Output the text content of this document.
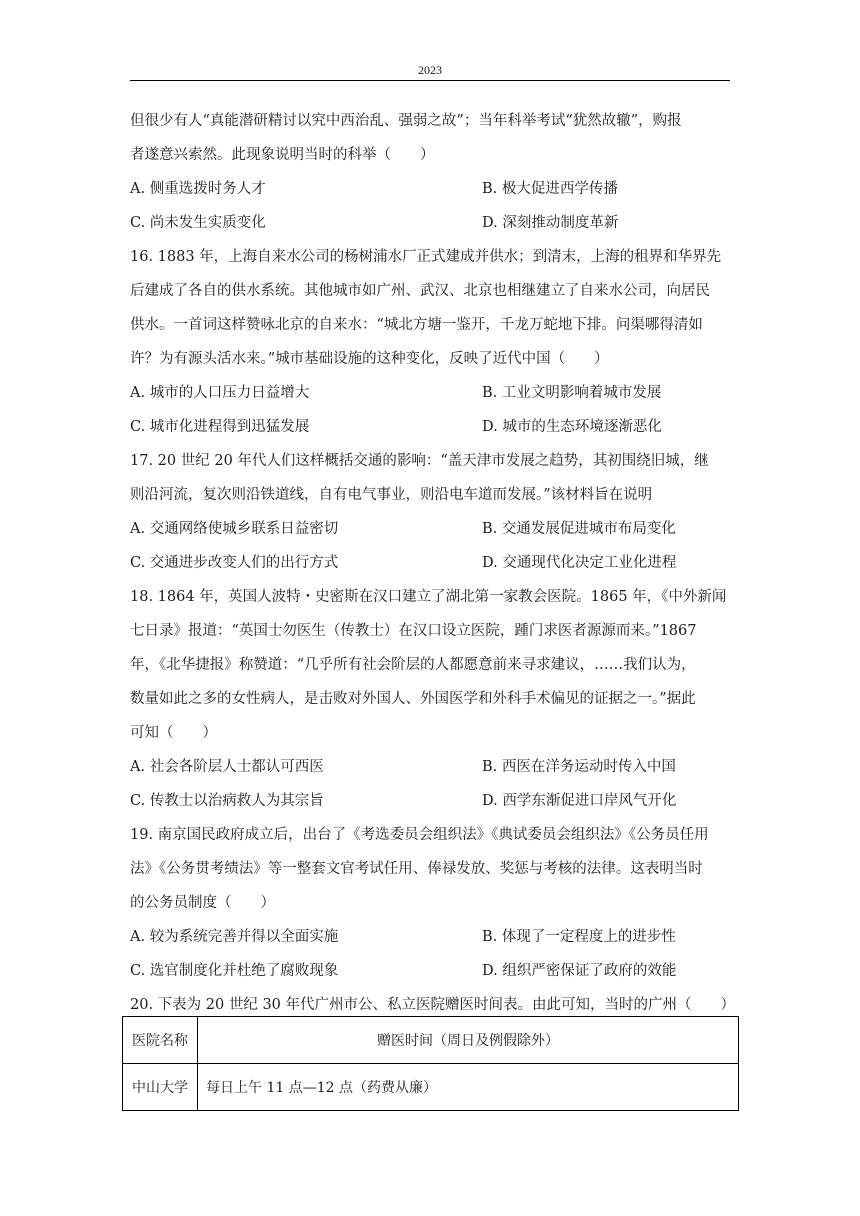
2023
但很少有人“真能潜研精讨以究中西治乱、强弱之故”；当年科举考试“犹然故辙”，购报
者遂意兴索然。此现象说明当时的科举（　　）
A. 侧重选拨时务人才	B. 极大促进西学传播
C. 尚未发生实质变化	D. 深刻推动制度革新
16. 1883 年，上海自来水公司的杨树浦水厂正式建成并供水；到清末，上海的租界和华界先
后建成了各自的供水系统。其他城市如广州、武汉、北京也相继建立了自来水公司，向居民
供水。一首词这样赞咏北京的自来水：“城北方塘一鉴开，千龙万蛇地下排。问渠哪得清如
许？为有源头活水来。”城市基础设施的这种变化，反映了近代中国（　　）
A. 城市的人口压力日益增大	B. 工业文明影响着城市发展
C. 城市化进程得到迅猛发展	D. 城市的生态环境逐渐恶化
17. 20 世纪 20 年代人们这样概括交通的影响：“盖天津市发展之趋势，其初围绕旧城，继
则沿河流，复次则沿铁道线，自有电气事业，则沿电车道而发展。”该材料旨在说明
A. 交通网络使城乡联系日益密切	B. 交通发展促进城市布局变化
C. 交通进步改变人们的出行方式	D. 交通现代化决定工业化进程
18. 1864 年，英国人波特・史密斯在汉口建立了湖北第一家教会医院。1865 年，《中外新闻
七日录》报道：“英国士勿医生（传教士）在汉口设立医院，踵门求医者源源而来。”1867
年，《北华捷报》称赞道：“几乎所有社会阶层的人都愿意前来寻求建议，……我们认为，
数量如此之多的女性病人，是击败对外国人、外国医学和外科手术偏见的证据之一。”据此
可知（　　）
A. 社会各阶层人士都认可西医	B. 西医在洋务运动时传入中国
C. 传教士以治病救人为其宗旨	D. 西学东渐促进口岸风气开化
19. 南京国民政府成立后，出台了《考选委员会组织法》《典试委员会组织法》《公务员任用
法》《公务贯考绩法》等一整套文官考试任用、俸禄发放、奖惩与考核的法律。这表明当时
的公务员制度（　　）
A. 较为系统完善并得以全面实施	B. 体现了一定程度上的进步性
C. 选官制度化并杜绝了腐败现象	D. 组织严密保证了政府的效能
20. 下表为 20 世纪 30 年代广州市公、私立医院赠医时间表。由此可知，当时的广州（　　）
医院名称	赠医时间（周日及例假除外）
中山大学	每日上午 11 点—12 点（药费从廉）
